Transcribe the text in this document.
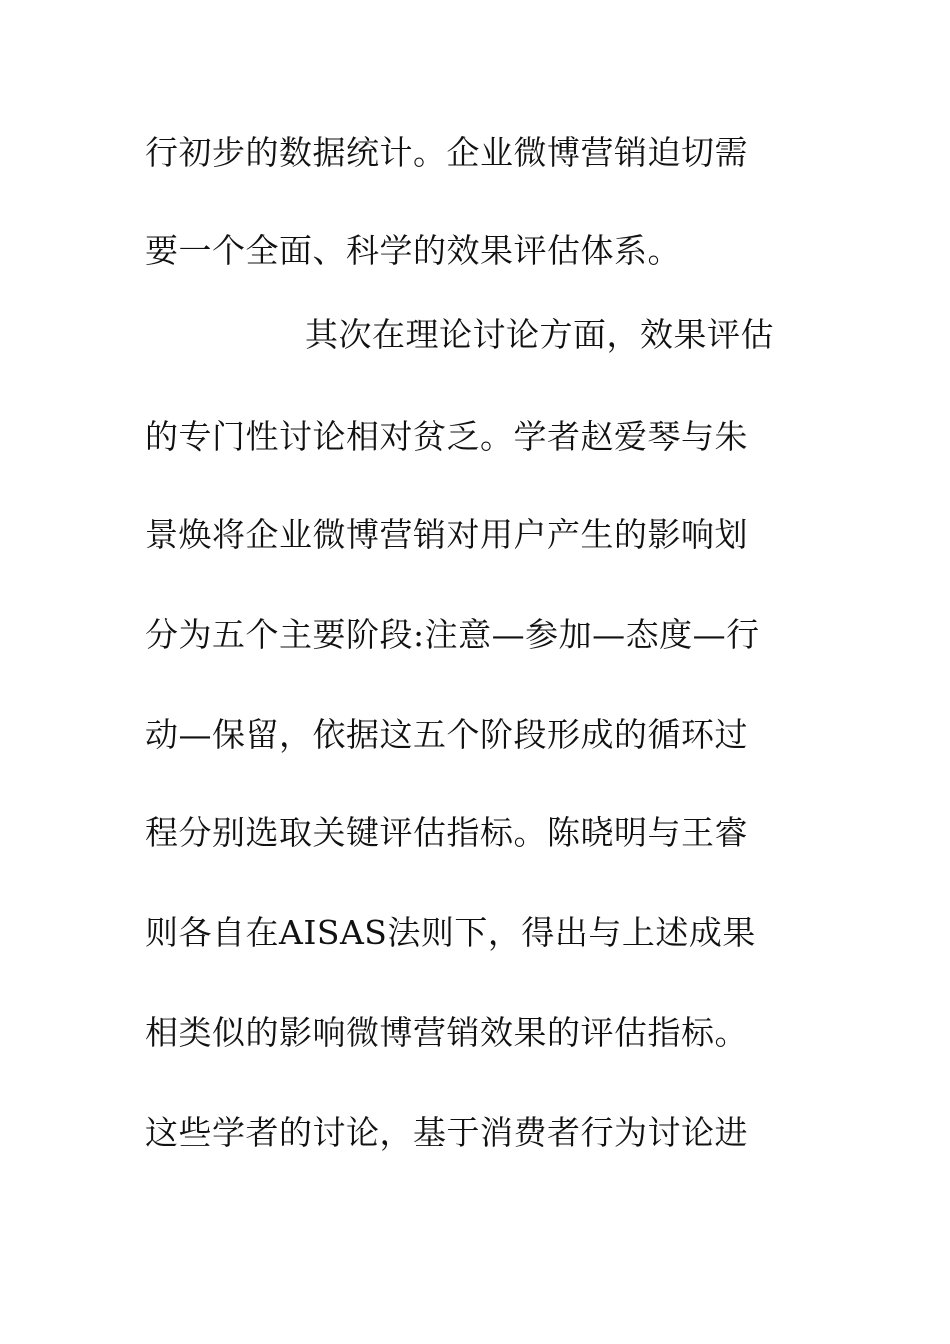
行初步的数据统计。企业微博营销迫切需
要一个全面、科学的效果评估体系。
其次在理论讨论方面，效果评估
的专门性讨论相对贫乏。学者赵爱琴与朱
景焕将企业微博营销对用户产生的影响划
分为五个主要阶段:注意—参加—态度—行
动—保留，依据这五个阶段形成的循环过
程分别选取关键评估指标。陈晓明与王睿
则各自在AISAS法则下，得出与上述成果
相类似的影响微博营销效果的评估指标。
这些学者的讨论，基于消费者行为讨论进
